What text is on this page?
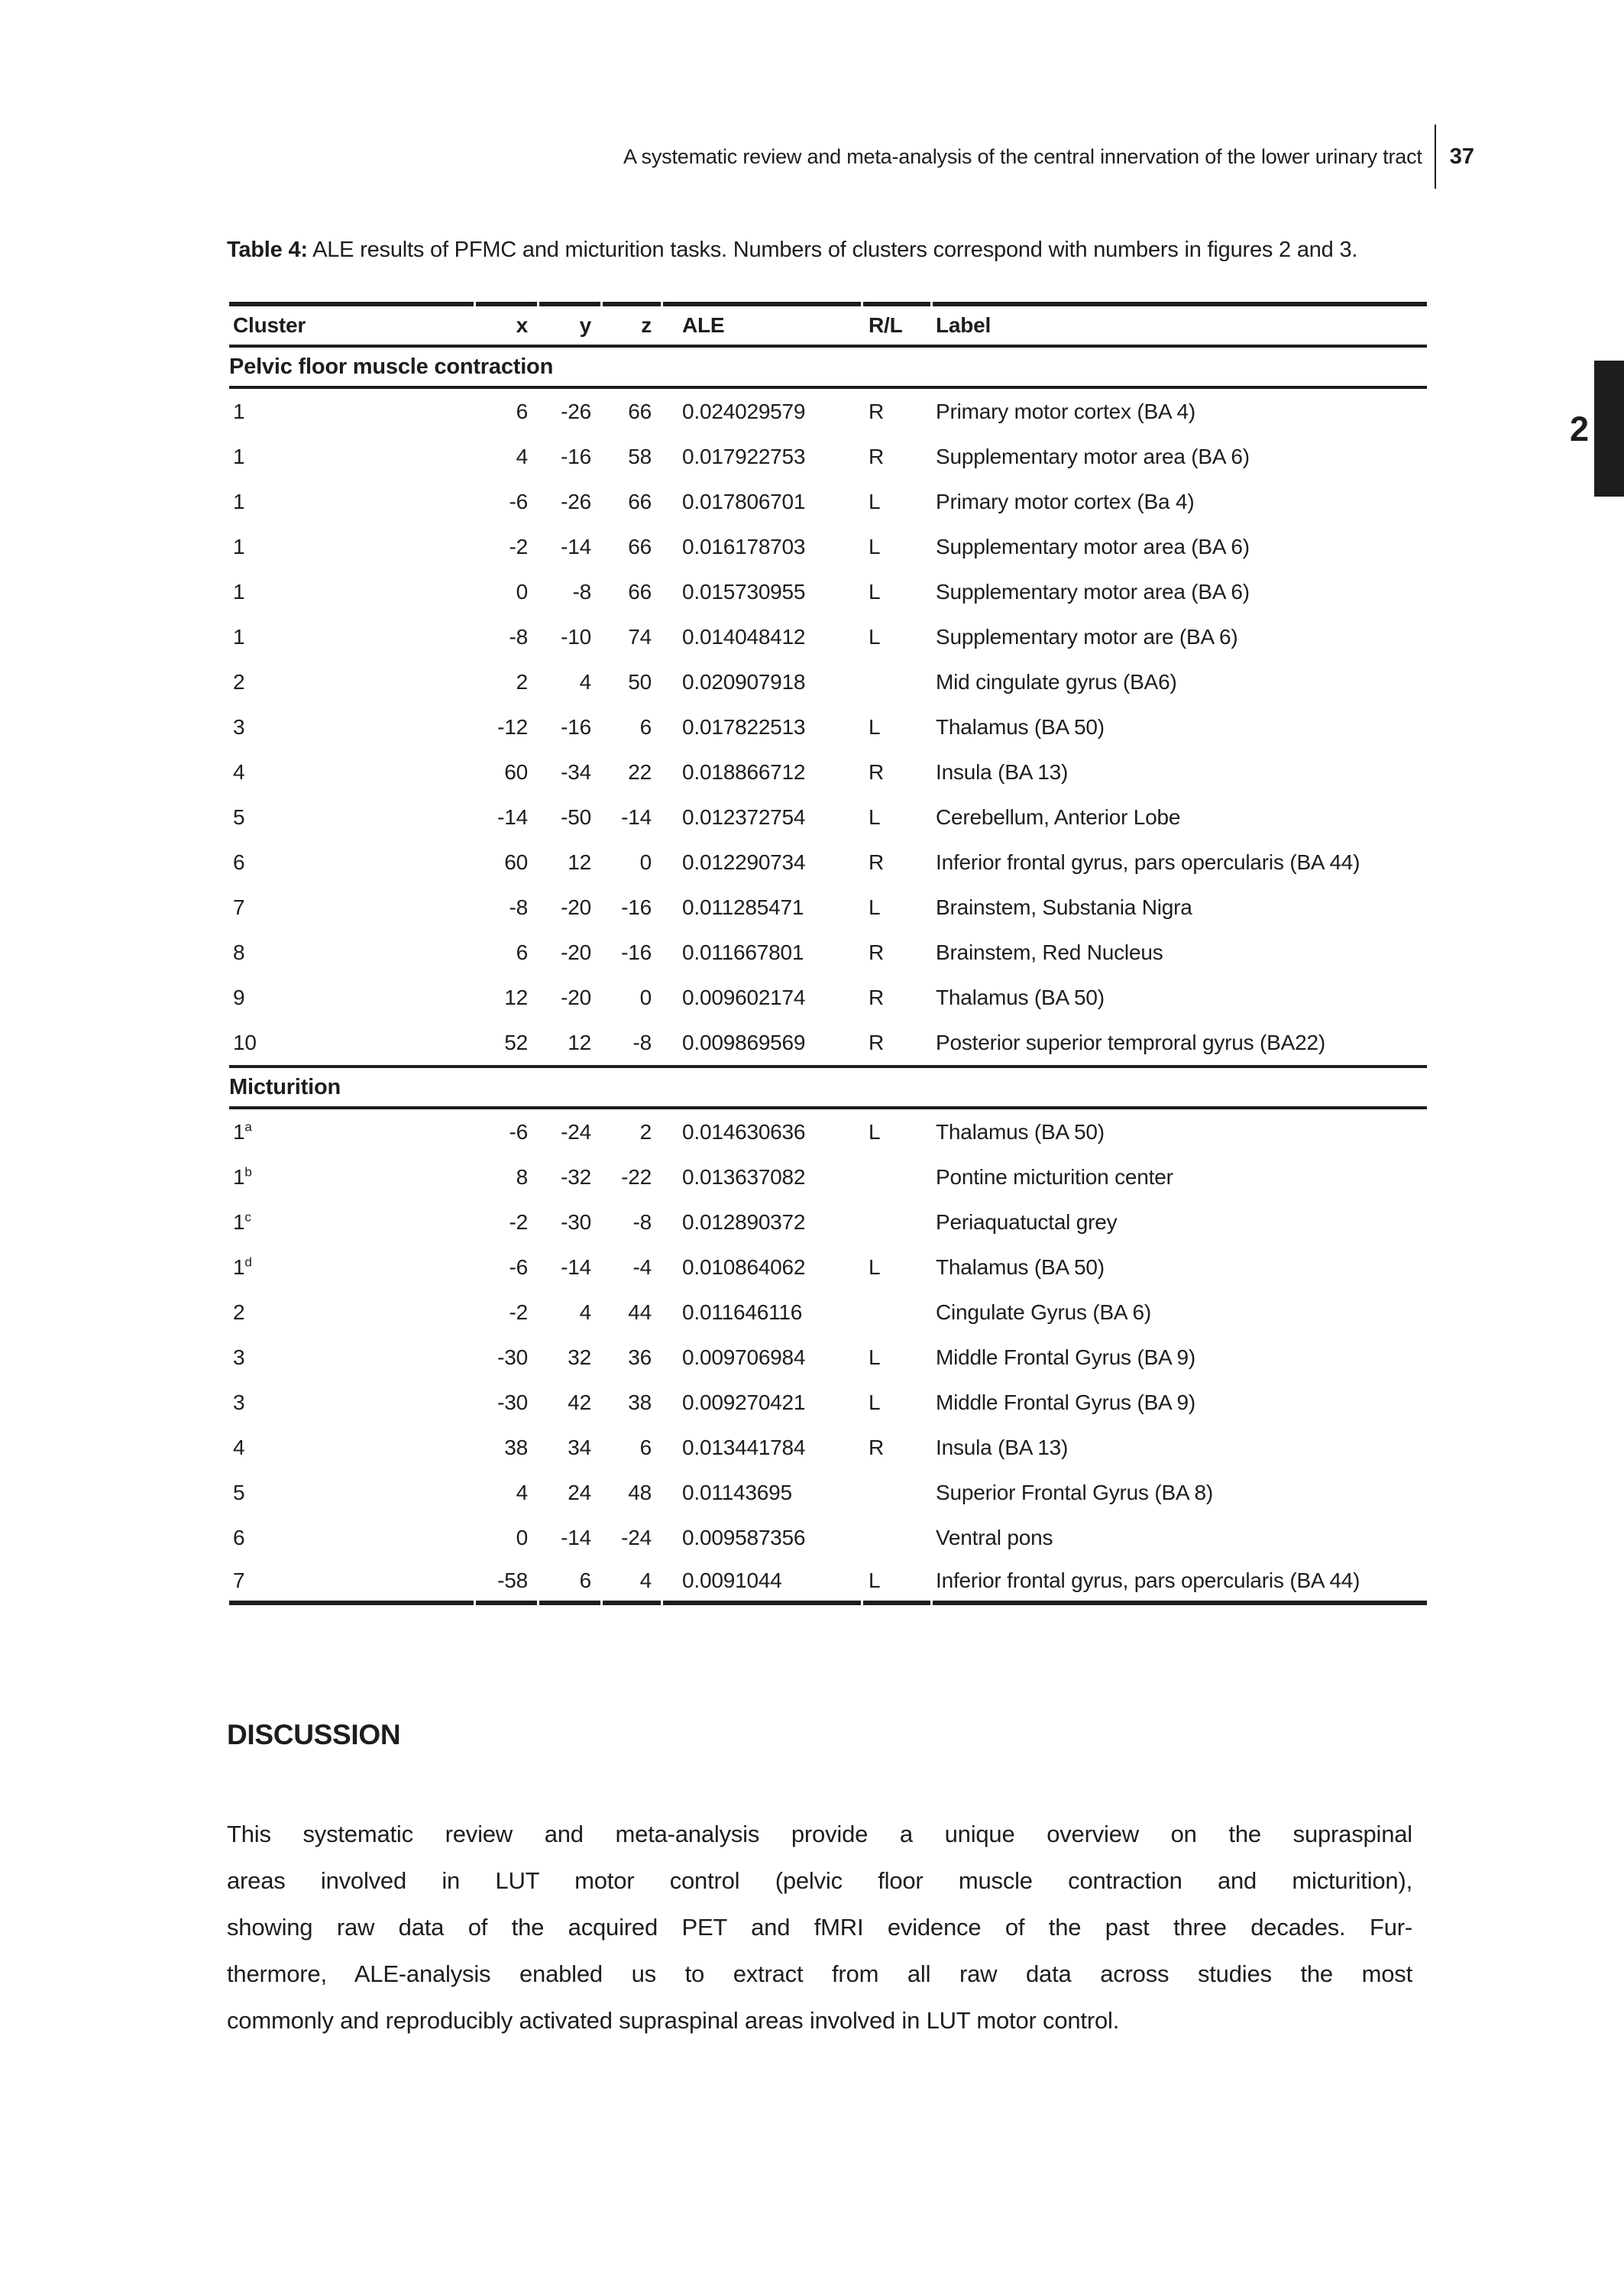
A systematic review and meta-analysis of the central innervation of the lower urinary tract 37
2
Table 4: ALE results of PFMC and micturition tasks. Numbers of clusters correspond with numbers in figures 2 and 3.
Cluster	x	y	z	ALE	R/L	Label
Pelvic floor muscle contraction						
1	6	-26	66	0.024029579	R	Primary motor cortex (BA 4)
1	4	-16	58	0.017922753	R	Supplementary motor area (BA 6)
1	-6	-26	66	0.017806701	L	Primary motor cortex (Ba 4)
1	-2	-14	66	0.016178703	L	Supplementary motor area (BA 6)
1	0	-8	66	0.015730955	L	Supplementary motor area (BA 6)
1	-8	-10	74	0.014048412	L	Supplementary motor are (BA 6)
2	2	4	50	0.020907918		Mid cingulate gyrus (BA6)
3	-12	-16	6	0.017822513	L	Thalamus (BA 50)
4	60	-34	22	0.018866712	R	Insula (BA 13)
5	-14	-50	-14	0.012372754	L	Cerebellum, Anterior Lobe
6	60	12	0	0.012290734	R	Inferior frontal gyrus, pars opercularis (BA 44)
7	-8	-20	-16	0.011285471	L	Brainstem, Substania Nigra
8	6	-20	-16	0.011667801	R	Brainstem, Red Nucleus
9	12	-20	0	0.009602174	R	Thalamus (BA 50)
10	52	12	-8	0.009869569	R	Posterior superior temproral gyrus (BA22)
Micturition						
1$^a$	-6	-24	2	0.014630636	L	Thalamus (BA 50)
1$^b$	8	-32	-22	0.013637082		Pontine micturition center
1$^c$	-2	-30	-8	0.012890372		Periaquatuctal grey
1$^d$	-6	-14	-4	0.010864062	L	Thalamus (BA 50)
2	-2	4	44	0.011646116		Cingulate Gyrus (BA 6)
3	-30	32	36	0.009706984	L	Middle Frontal Gyrus (BA 9)
3	-30	42	38	0.009270421	L	Middle Frontal Gyrus (BA 9)
4	38	34	6	0.013441784	R	Insula (BA 13)
5	4	24	48	0.01143695		Superior Frontal Gyrus (BA 8)
6	0	-14	-24	0.009587356		Ventral pons
7	-58	6	4	0.0091044	L	Inferior frontal gyrus, pars opercularis (BA 44)
DISCUSSION
This systematic review and meta-analysis provide a unique overview on the supraspinal
areas involved in LUT motor control (pelvic floor muscle contraction and micturition),
showing raw data of the acquired PET and fMRI evidence of the past three decades. Fur-
thermore, ALE-analysis enabled us to extract from all raw data across studies the most
commonly and reproducibly activated supraspinal areas involved in LUT motor control.
